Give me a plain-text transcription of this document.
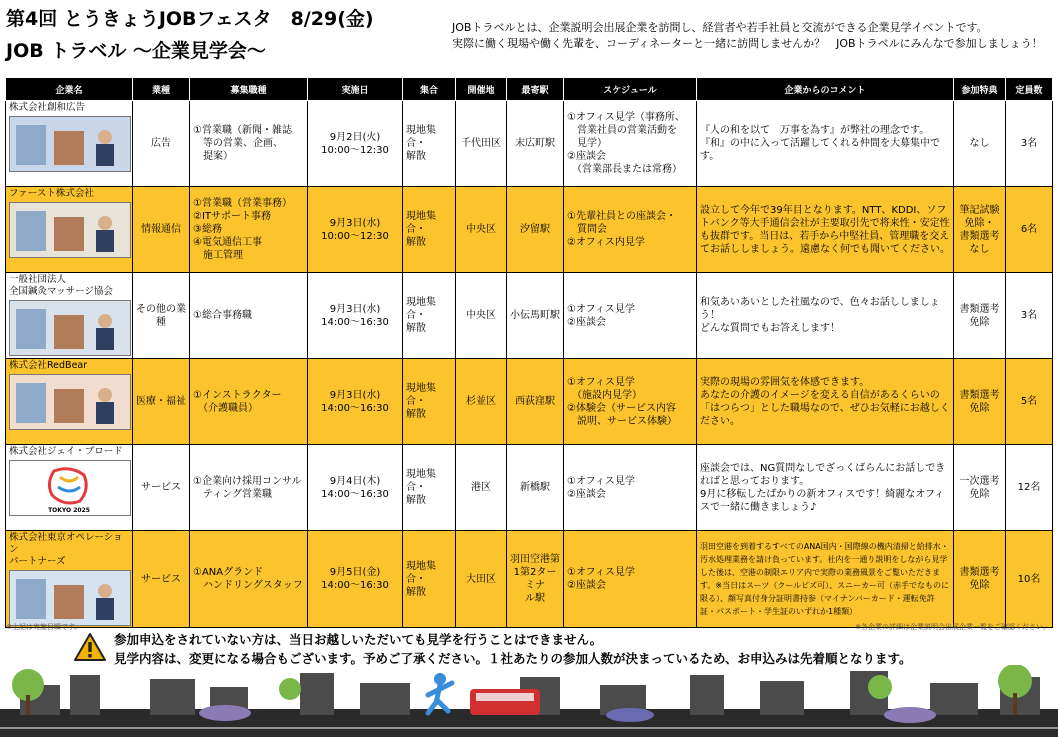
第4回 とうきょうJOBフェスタ　8/29(金)
JOB トラベル ～企業見学会～
JOBトラベルとは、企業説明会出展企業を訪問し、経営者や若手社員と交流ができる企業見学イベントです。
実際に働く現場や働く先輩を、コーディネーターと一緒に訪問しませんか？　JOBトラベルにみんなで参加しましょう！
企業名	業種	募集職種	実施日	集合	開催地	最寄駅	スケジュール	企業からのコメント	参加特典	定員数

株式会社創和広告	広告	①営業職（新聞・雑誌
　等の営業、企画、
　提案）	9月2日(火)
10:00～12:30	現地集合・
解散	千代田区	末広町駅	①オフィス見学（事務所、
　営業社員の営業活動を
　見学）
②座談会
　（営業部長または常務）	『人の和を以て　万事を為す』が弊社の理念です。
『和』の中に入って活躍してくれる仲間を大募集中です。	なし	3名

ファースト株式会社	情報通信	①営業職（営業事務）
②ITサポート事務
③総務
④電気通信工事
　施工管理	9月3日(水)
10:00～12:30	現地集合・
解散	中央区	汐留駅	①先輩社員との座談会・
　質問会
②オフィス内見学	設立して今年で39年目となります。NTT、KDDI、ソフトバンク等大手通信会社が主要取引先で将来性・安定性も抜群です。当日は、若手から中堅社員、管理職を交えてお話ししましょう。遠慮なく何でも聞いてください。	筆記試験
免除・
書類選考
なし	6名

一般社団法人
全国鍼灸マッサージ協会	その他の業種	①総合事務職	9月3日(水)
14:00～16:30	現地集合・
解散	中央区	小伝馬町駅	①オフィス見学
②座談会	和気あいあいとした社風なので、色々お話ししましょう！
どんな質問でもお答えします！	書類選考
免除	3名

株式会社RedBear	医療・福祉	①インストラクター
　（介護職員）	9月3日(水)
14:00～16:30	現地集合・
解散	杉並区	西荻窪駅	①オフィス見学
　（施設内見学）
②体験会（サービス内容
　説明、サービス体験）	実際の現場の雰囲気を体感できます。
あなたの介護のイメージを変える自信があるくらいの「はつらつ」とした職場なので、ぜひお気軽にお越しください。	書類選考
免除	5名

株式会社ジェイ・ブロード
TOKYO 2025	サービス	①企業向け採用コンサル
　ティング営業職	9月4日(木)
14:00～16:30	現地集合・
解散	港区	新橋駅	①オフィス見学
②座談会	座談会では、NG質問なしでざっくばらんにお話しできればと思っております。
9月に移転したばかりの新オフィスです！綺麗なオフィスで一緒に働きましょう♪	一次選考
免除	12名

株式会社東京オペレーション
パートナーズ	サービス	①ANAグランド
　ハンドリングスタッフ	9月5日(金)
14:00～16:30	現地集合・
解散	大田区	羽田空港第
1第2ターミナ
ル駅	①オフィス見学
②座談会	羽田空港を到着するすべてのANA国内・国際線の機内清掃と給排水・汚水処理業務を請け負っています。社内を一通り説明をしながら見学した後は、空港の制限エリア内で実際の業務風景をご覧いただきます。※当日はスーツ（クールビズ可）、スニーカー可（赤手でなものに限る）、顔写真付身分証明書持参（マイナンバーカード・運転免許証・パスポート・学生証のいずれか1種類）	書類選考
免除	10名
※上記は実施日順です。	※各企業の詳細は企業説明会出展企業一覧をご確認ください。
参加申込をされていない方は、当日お越しいただいても見学を行うことはできません。
見学内容は、変更になる場合もございます。予めご了承ください。１社あたりの参加人数が決まっているため、お申込みは先着順となります。
